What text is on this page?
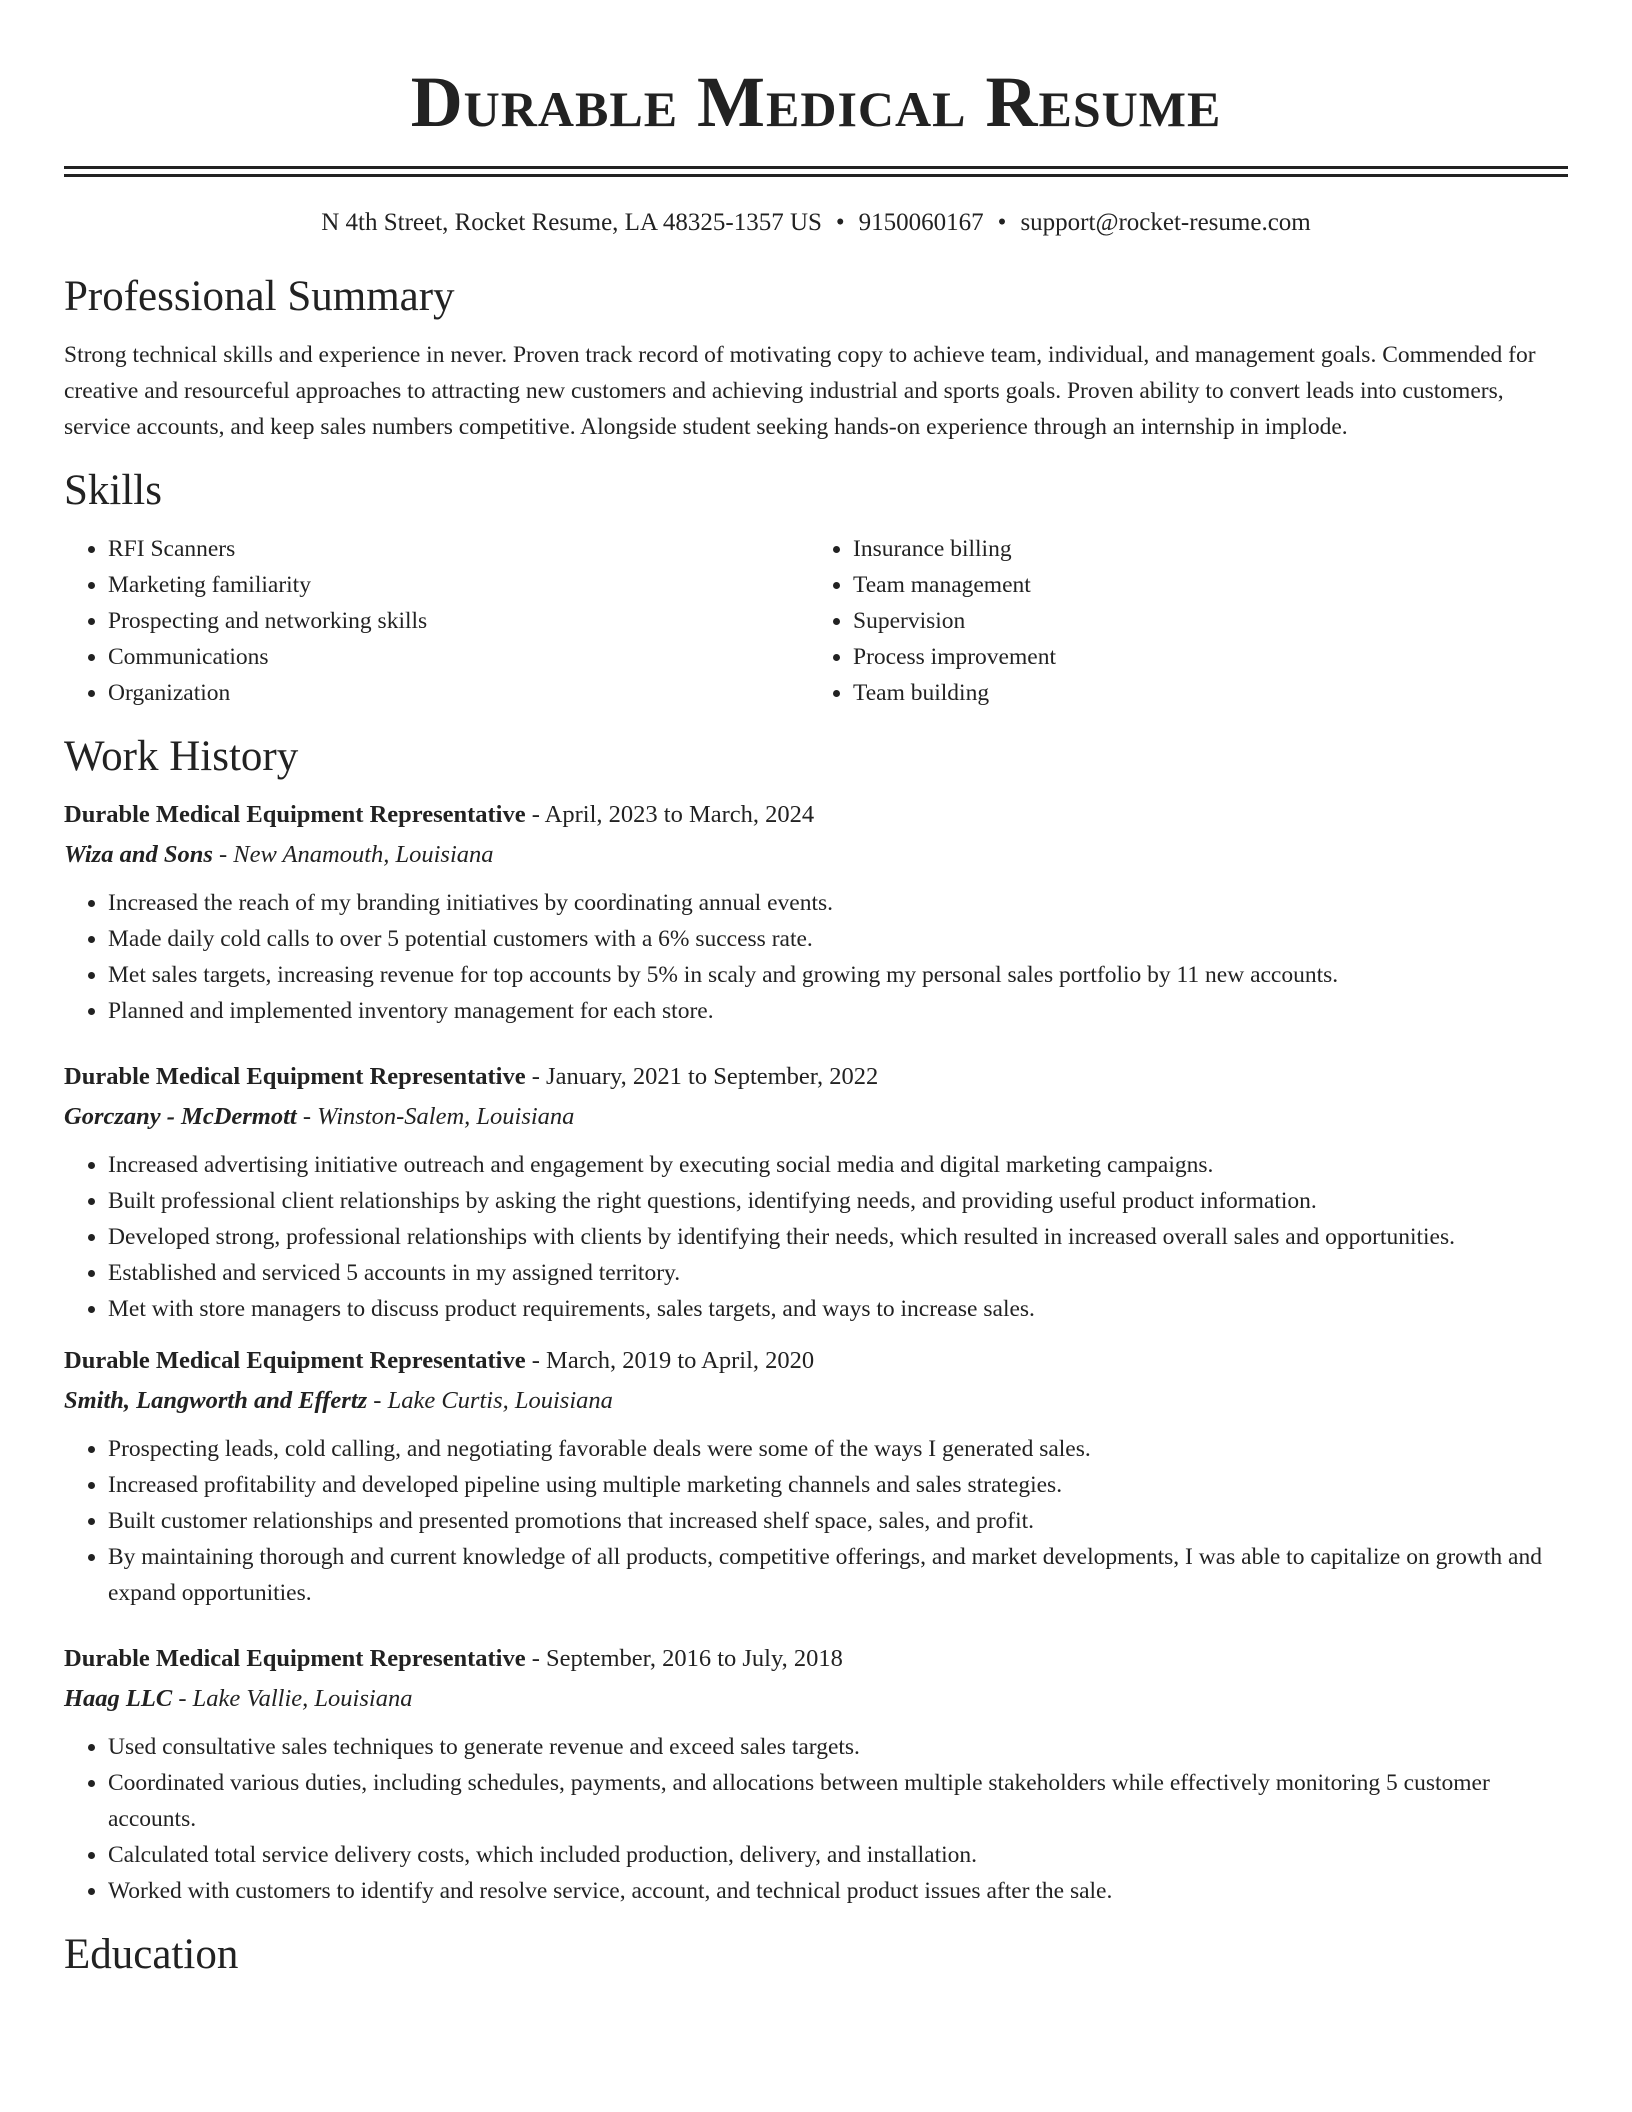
Durable Medical Resume
N 4th Street, Rocket Resume, LA 48325-1357 US • 9150060167 • support@rocket-resume.com
Professional Summary
Strong technical skills and experience in never. Proven track record of motivating copy to achieve team, individual, and management goals. Commended for creative and resourceful approaches to attracting new customers and achieving industrial and sports goals. Proven ability to convert leads into customers, service accounts, and keep sales numbers competitive. Alongside student seeking hands-on experience through an internship in implode.
Skills
• RFI Scanners
• Marketing familiarity
• Prospecting and networking skills
• Communications
• Organization
• Insurance billing
• Team management
• Supervision
• Process improvement
• Team building
Work History
Durable Medical Equipment Representative - April, 2023 to March, 2024
Wiza and Sons - New Anamouth, Louisiana
• Increased the reach of my branding initiatives by coordinating annual events.
• Made daily cold calls to over 5 potential customers with a 6% success rate.
• Met sales targets, increasing revenue for top accounts by 5% in scaly and growing my personal sales portfolio by 11 new accounts.
• Planned and implemented inventory management for each store.
Durable Medical Equipment Representative - January, 2021 to September, 2022
Gorczany - McDermott - Winston-Salem, Louisiana
• Increased advertising initiative outreach and engagement by executing social media and digital marketing campaigns.
• Built professional client relationships by asking the right questions, identifying needs, and providing useful product information.
• Developed strong, professional relationships with clients by identifying their needs, which resulted in increased overall sales and opportunities.
• Established and serviced 5 accounts in my assigned territory.
• Met with store managers to discuss product requirements, sales targets, and ways to increase sales.
Durable Medical Equipment Representative - March, 2019 to April, 2020
Smith, Langworth and Effertz - Lake Curtis, Louisiana
• Prospecting leads, cold calling, and negotiating favorable deals were some of the ways I generated sales.
• Increased profitability and developed pipeline using multiple marketing channels and sales strategies.
• Built customer relationships and presented promotions that increased shelf space, sales, and profit.
• By maintaining thorough and current knowledge of all products, competitive offerings, and market developments, I was able to capitalize on growth and expand opportunities.
Durable Medical Equipment Representative - September, 2016 to July, 2018
Haag LLC - Lake Vallie, Louisiana
• Used consultative sales techniques to generate revenue and exceed sales targets.
• Coordinated various duties, including schedules, payments, and allocations between multiple stakeholders while effectively monitoring 5 customer accounts.
• Calculated total service delivery costs, which included production, delivery, and installation.
• Worked with customers to identify and resolve service, account, and technical product issues after the sale.
Education
